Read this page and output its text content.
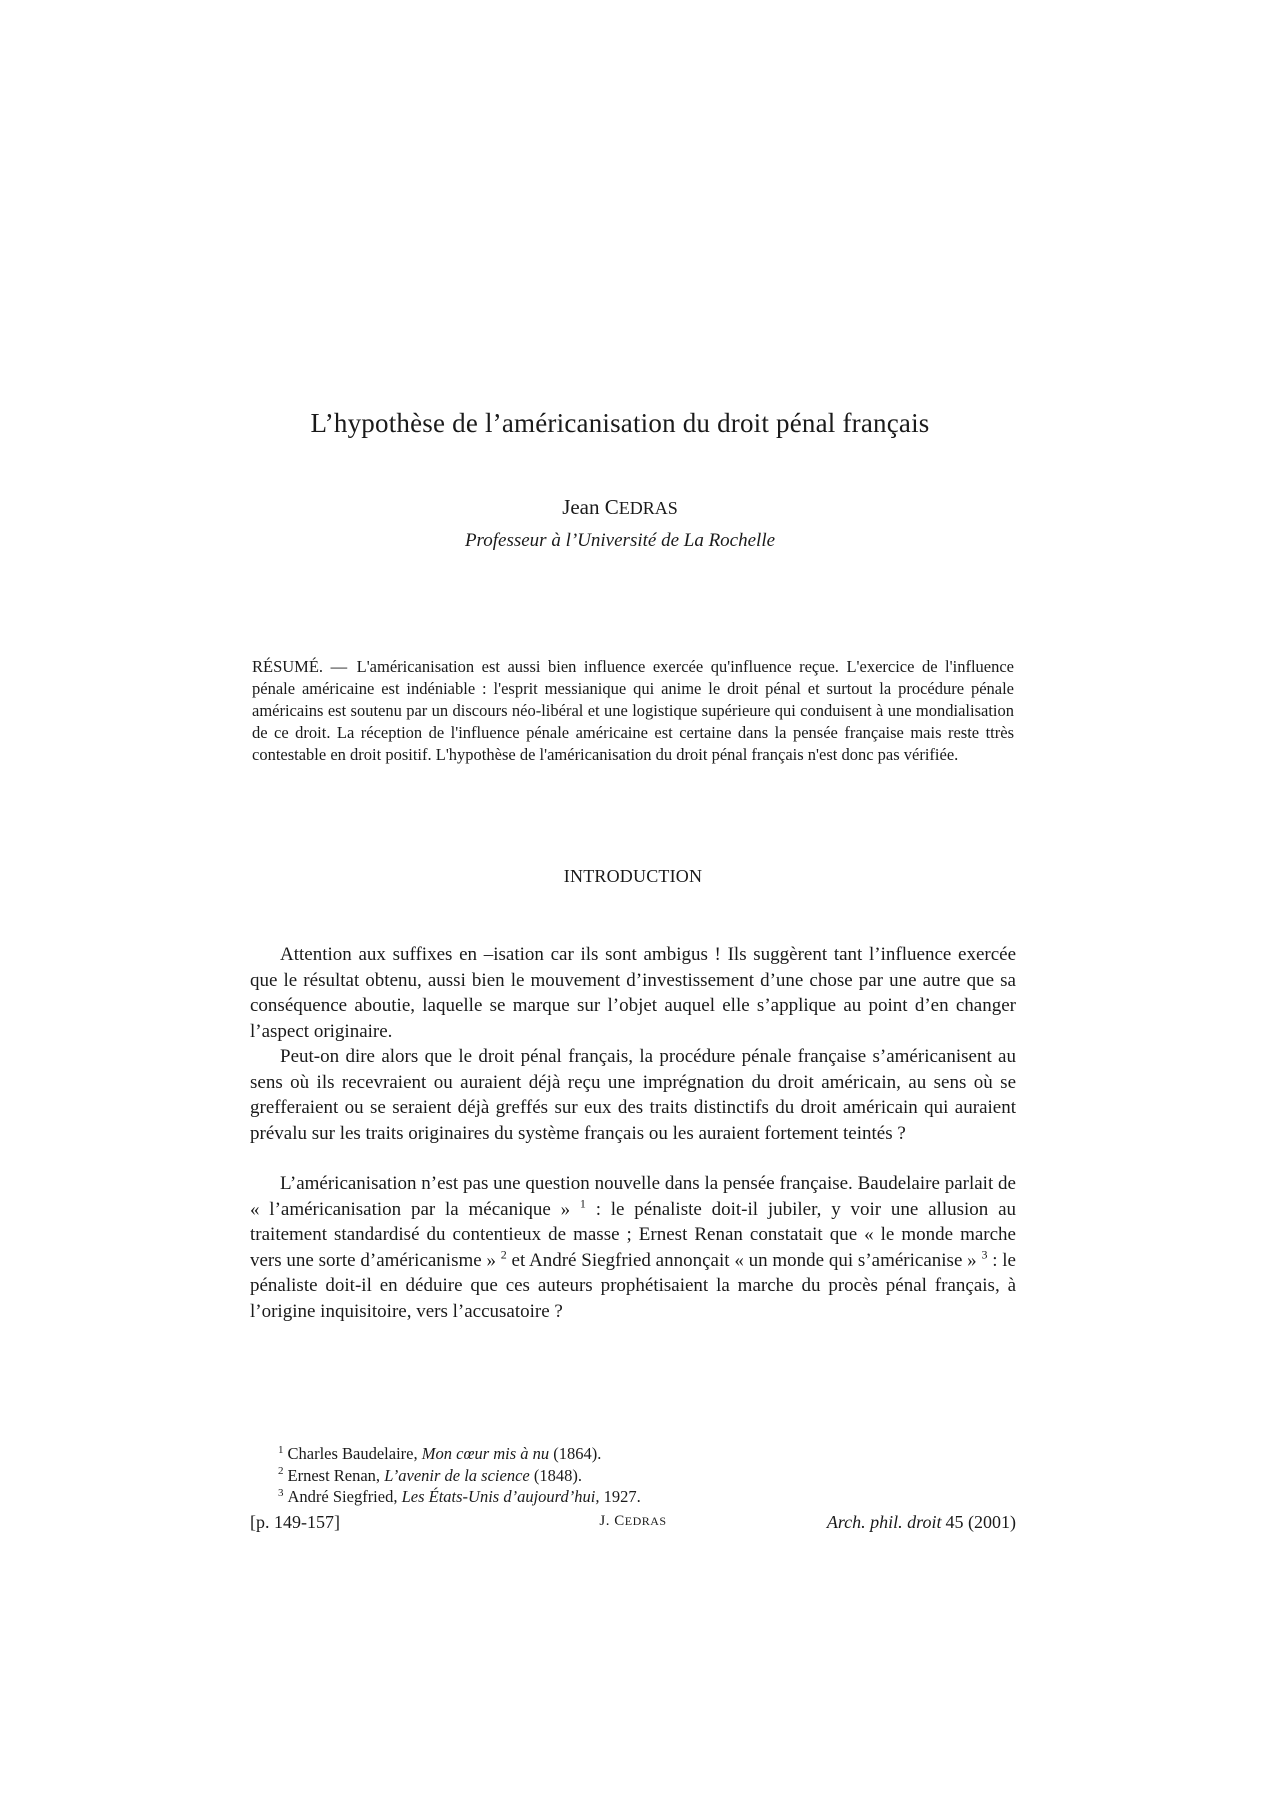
L’hypothèse de l’américanisation du droit pénal français
Jean CEDRAS
Professeur à l’Université de La Rochelle
RÉSUMÉ. — L'américanisation est aussi bien influence exercée qu'influence reçue. L'exercice de l'influence pénale américaine est indéniable : l'esprit messianique qui anime le droit pénal et surtout la procédure pénale américains est soutenu par un discours néo-libéral et une logistique supérieure qui conduisent à une mondialisation de ce droit. La réception de l'influence pénale américaine est certaine dans la pensée française mais reste ttrès contestable en droit positif. L'hypothèse de l'américanisation du droit pénal français n'est donc pas vérifiée.
INTRODUCTION

Attention aux suffixes en –isation car ils sont ambigus ! Ils suggèrent tant l’influence exercée que le résultat obtenu, aussi bien le mouvement d’investissement d’une chose par une autre que sa conséquence aboutie, laquelle se marque sur l’objet auquel elle s’applique au point d’en changer l’aspect originaire.

Peut-on dire alors que le droit pénal français, la procédure pénale française s’américanisent au sens où ils recevraient ou auraient déjà reçu une imprégnation du droit américain, au sens où se grefferaient ou se seraient déjà greffés sur eux des traits distinctifs du droit américain qui auraient prévalu sur les traits originaires du système français ou les auraient fortement teintés ?

L’américanisation n’est pas une question nouvelle dans la pensée française. Baudelaire parlait de « l’américanisation par la mécanique » $^1$ : le pénaliste doit-il jubiler, y voir une allusion au traitement standardisé du contentieux de masse ; Ernest Renan constatait que « le monde marche vers une sorte d’américanisme » $^2$ et André Siegfried annonçait « un monde qui s’américanise » $^3$ : le pénaliste doit-il en déduire que ces auteurs prophétisaient la marche du procès pénal français, à l’origine inquisitoire, vers l’accusatoire ?

$^1$ Charles Baudelaire, Mon cœur mis à nu (1864).
$^2$ Ernest Renan, L’avenir de la science (1848).
$^3$ André Siegfried, Les États-Unis d’aujourd’hui, 1927.
[p. 149-157]	J. CEDRAS	Arch. phil. droit 45 (2001)
